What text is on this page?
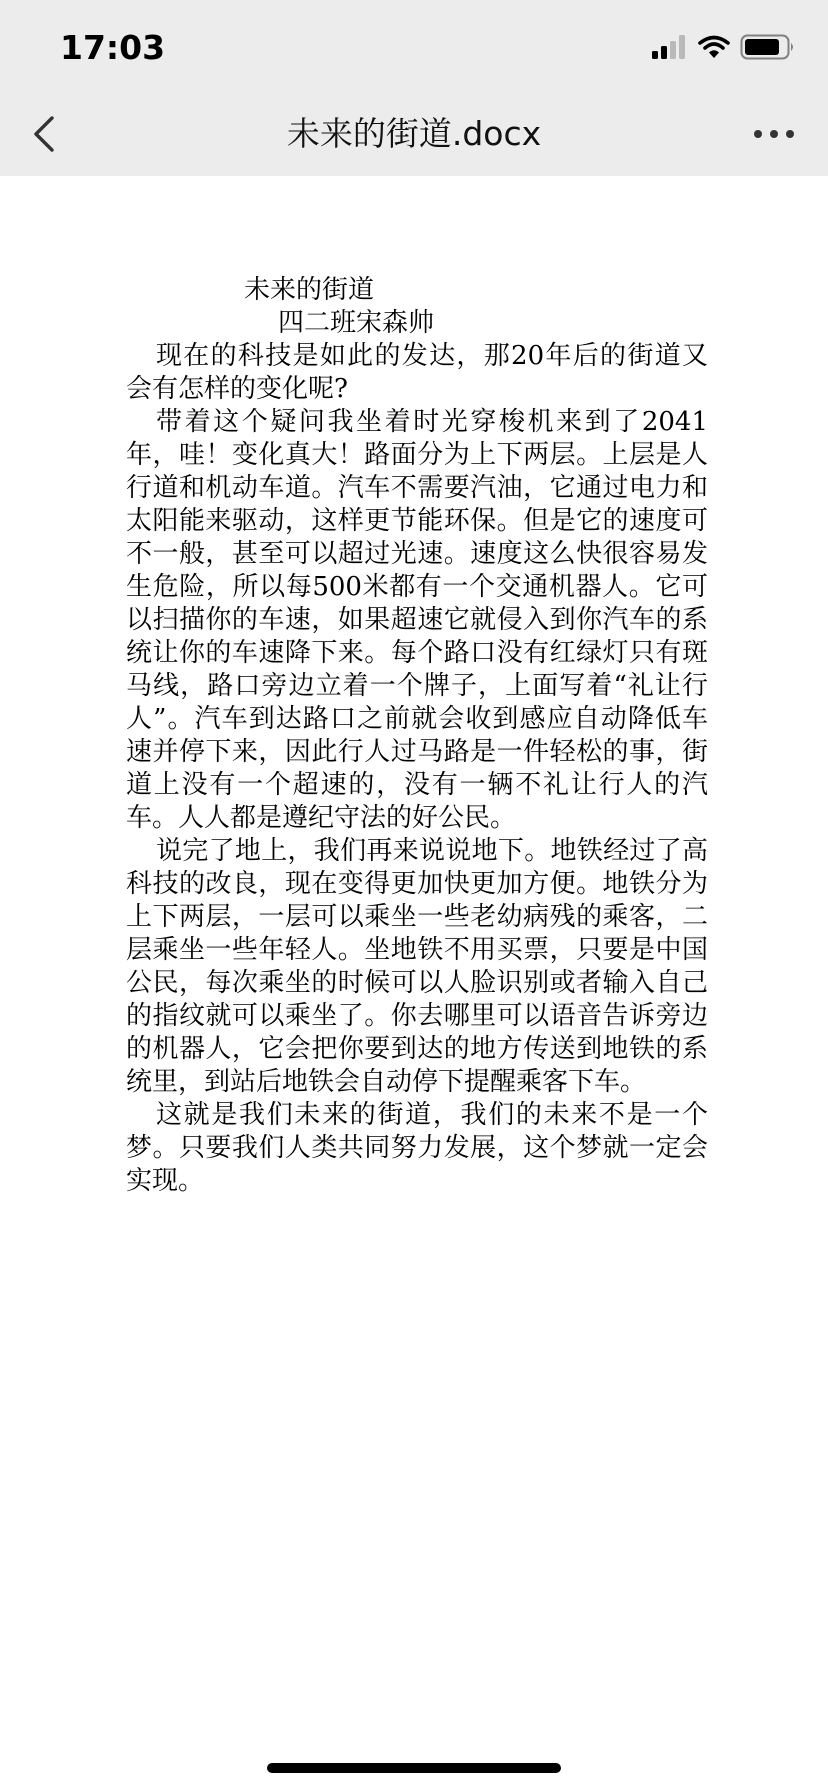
17:03
未来的街道.docx

未来的街道

四二班宋森帅

现在的科技是如此的发达，那20年后的街道又会有怎样的变化呢?

带着这个疑问我坐着时光穿梭机来到了2041年，哇！变化真大！路面分为上下两层。上层是人行道和机动车道。汽车不需要汽油，它通过电力和太阳能来驱动，这样更节能环保。但是它的速度可不一般，甚至可以超过光速。速度这么快很容易发生危险，所以每500米都有一个交通机器人。它可以扫描你的车速，如果超速它就侵入到你汽车的系统让你的车速降下来。每个路口没有红绿灯只有斑马线，路口旁边立着一个牌子，上面写着“礼让行人”。汽车到达路口之前就会收到感应自动降低车速并停下来，因此行人过马路是一件轻松的事，街道上没有一个超速的，没有一辆不礼让行人的汽车。人人都是遵纪守法的好公民。

说完了地上，我们再来说说地下。地铁经过了高科技的改良，现在变得更加快更加方便。地铁分为上下两层，一层可以乘坐一些老幼病残的乘客，二层乘坐一些年轻人。坐地铁不用买票，只要是中国公民，每次乘坐的时候可以人脸识别或者输入自己的指纹就可以乘坐了。你去哪里可以语音告诉旁边的机器人，它会把你要到达的地方传送到地铁的系统里，到站后地铁会自动停下提醒乘客下车。

这就是我们未来的街道，我们的未来不是一个梦。只要我们人类共同努力发展，这个梦就一定会实现。
